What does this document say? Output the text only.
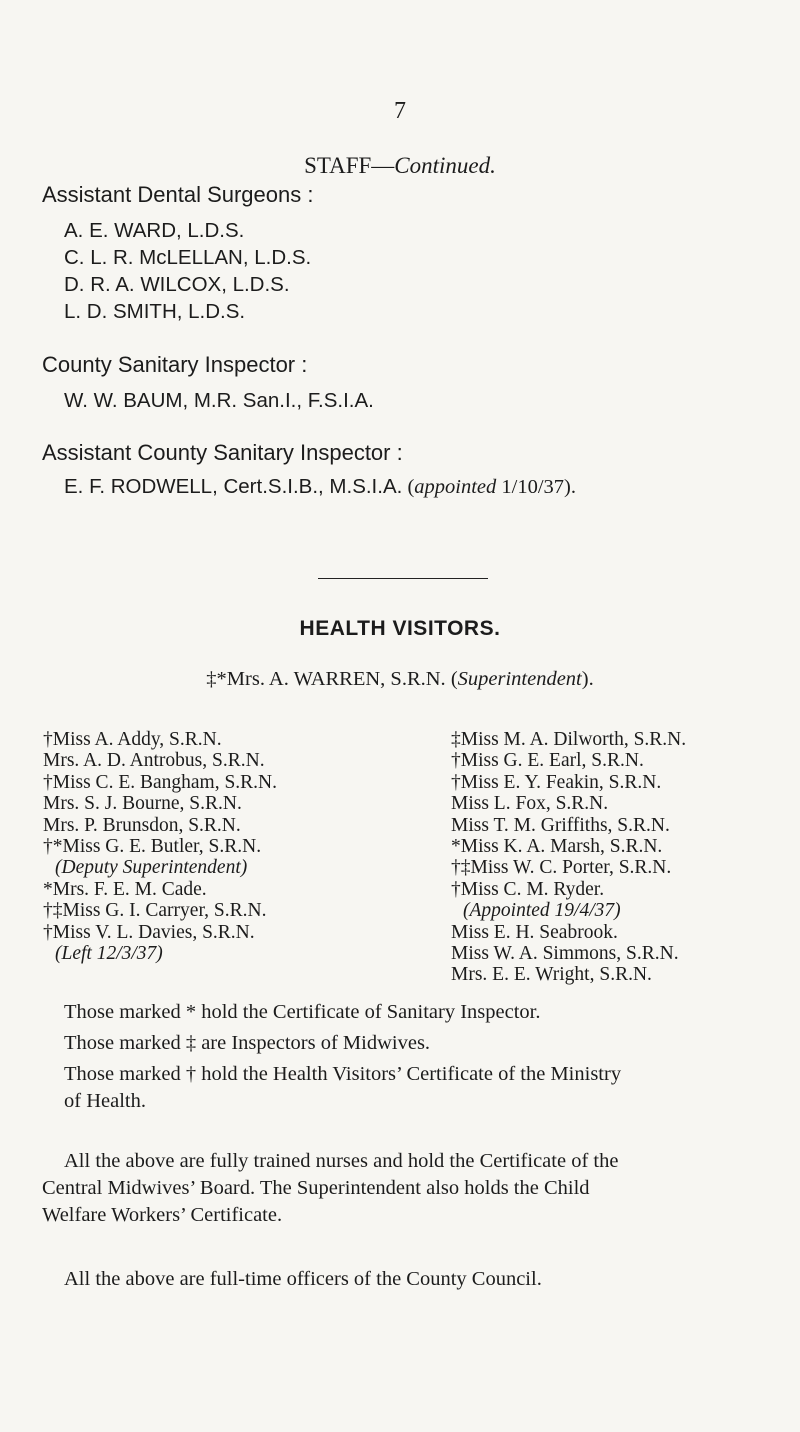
7
STAFF—Continued.
Assistant Dental Surgeons :
A. E. WARD, L.D.S.
C. L. R. McLELLAN, L.D.S.
D. R. A. WILCOX, L.D.S.
L. D. SMITH, L.D.S.
County Sanitary Inspector :
W. W. BAUM, M.R. San.I., F.S.I.A.
Assistant County Sanitary Inspector :
E. F. RODWELL, Cert.S.I.B., M.S.I.A. (appointed 1/10/37).
HEALTH VISITORS.
‡*Mrs. A. WARREN, S.R.N. (Superintendent).
†Miss A. Addy, S.R.N.
Mrs. A. D. Antrobus, S.R.N.
†Miss C. E. Bangham, S.R.N.
Mrs. S. J. Bourne, S.R.N.
Mrs. P. Brunsdon, S.R.N.
†*Miss G. E. Butler, S.R.N.
(Deputy Superintendent)
*Mrs. F. E. M. Cade.
†‡Miss G. I. Carryer, S.R.N.
†Miss V. L. Davies, S.R.N.
(Left 12/3/37)
‡Miss M. A. Dilworth, S.R.N.
†Miss G. E. Earl, S.R.N.
†Miss E. Y. Feakin, S.R.N.
Miss L. Fox, S.R.N.
Miss T. M. Griffiths, S.R.N.
*Miss K. A. Marsh, S.R.N.
†‡Miss W. C. Porter, S.R.N.
†Miss C. M. Ryder.
(Appointed 19/4/37)
Miss E. H. Seabrook.
Miss W. A. Simmons, S.R.N.
Mrs. E. E. Wright, S.R.N.
Those marked * hold the Certificate of Sanitary Inspector.
Those marked ‡ are Inspectors of Midwives.
Those marked † hold the Health Visitors’ Certificate of the Ministry
of Health.
All the above are fully trained nurses and hold the Certificate of the
Central Midwives’ Board. The Superintendent also holds the Child
Welfare Workers’ Certificate.
All the above are full-time officers of the County Council.
